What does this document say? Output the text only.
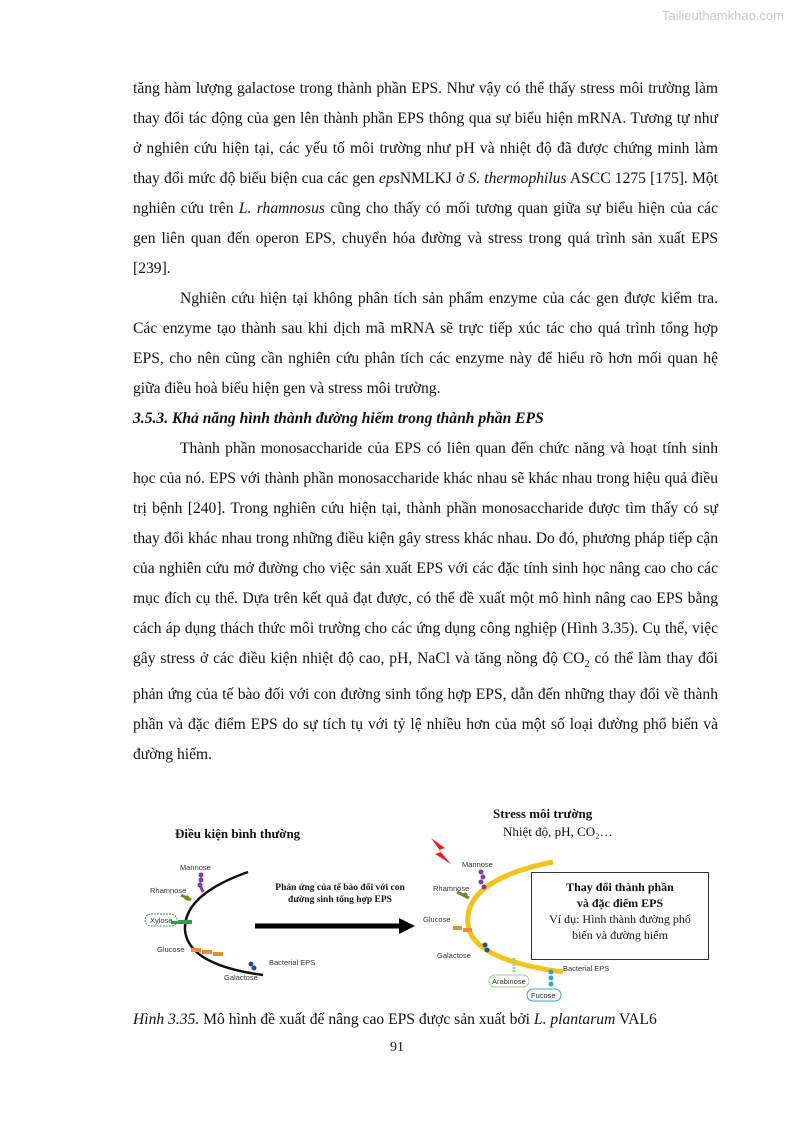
Tailieuthamkhao.com

tăng hàm lượng galactose trong thành phần EPS. Như vậy có thể thấy stress môi trường làm thay đổi tác động của gen lên thành phần EPS thông qua sự biểu hiện mRNA. Tương tự như ở nghiên cứu hiện tại, các yếu tố môi trường như pH và nhiệt độ đã được chứng minh làm thay đổi mức độ biểu biện cua các gen epsNMLKJ ở S. thermophilus ASCC 1275 [175]. Một nghiên cứu trên L. rhamnosus cũng cho thấy có mối tương quan giữa sự biểu hiện của các gen liên quan đến operon EPS, chuyển hóa đường và stress trong quá trình sản xuất EPS [239].

Nghiên cứu hiện tại không phân tích sản phẩm enzyme của các gen được kiểm tra. Các enzyme tạo thành sau khi dịch mã mRNA sẽ trực tiếp xúc tác cho quá trình tổng hợp EPS, cho nên cũng cần nghiên cứu phân tích các enzyme này để hiểu rõ hơn mối quan hệ giữa điều hoà biểu hiện gen và stress môi trường.

3.5.3. Khả năng hình thành đường hiếm trong thành phần EPS

Thành phần monosaccharide của EPS có liên quan đến chức năng và hoạt tính sinh học của nó. EPS với thành phần monosaccharide khác nhau sẽ khác nhau trong hiệu quả điều trị bệnh [240]. Trong nghiên cứu hiện tại, thành phần monosaccharide được tìm thấy có sự thay đổi khác nhau trong những điều kiện gây stress khác nhau. Do đó, phương pháp tiếp cận của nghiên cứu mở đường cho việc sản xuất EPS với các đặc tính sinh học nâng cao cho các mục đích cụ thể. Dựa trên kết quả đạt được, có thể đề xuất một mô hình nâng cao EPS bằng cách áp dụng thách thức môi trường cho các ứng dụng công nghiệp (Hình 3.35). Cụ thể, việc gây stress ở các điều kiện nhiệt độ cao, pH, NaCl và tăng nồng độ $CO_2$ có thể làm thay đổi phản ứng của tế bào đối với con đường sinh tổng hợp EPS, dẫn đến những thay đổi về thành phần và đặc điểm EPS do sự tích tụ với tỷ lệ nhiều hơn của một số loại đường phổ biến và đường hiếm.

Điều kiện bình thường
Stress môi trường
Nhiệt độ, pH, CO₂…
Phản ứng của tế bào đối với con
đường sinh tổng hợp EPS
Thay đổi thành phần
và đặc điểm EPS
Ví dụ: Hình thành đường phổ
biến và đường hiếm
Mannose
Rhamnose
Xylose
Glucose
Galactose
Bacterial EPS
Mannose
Rhamnose
Glucose
Galactose
Arabinose
Fucose
Bacterial EPS
Hình 3.35. Mô hình đề xuất để nâng cao EPS được sản xuất bởi L. plantarum VAL6
91
